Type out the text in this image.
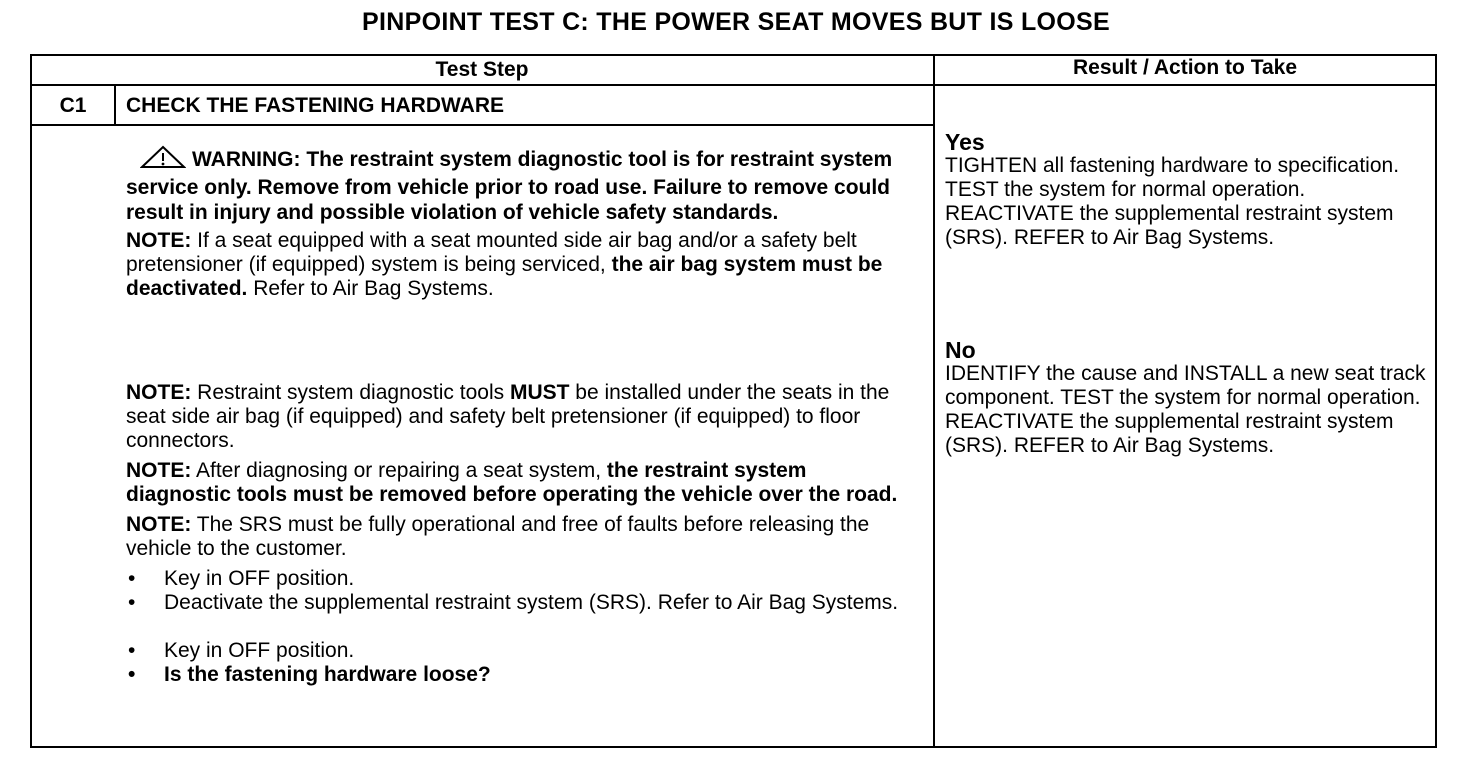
PINPOINT TEST C: THE POWER SEAT MOVES BUT IS LOOSE
Test Step	Result / Action to Take
C1	CHECK THE FASTENING HARDWARE

WARNING: The restraint system diagnostic tool is for restraint system service only. Remove from vehicle prior to road use. Failure to remove could result in injury and possible violation of vehicle safety standards.

NOTE: If a seat equipped with a seat mounted side air bag and/or a safety belt pretensioner (if equipped) system is being serviced, the air bag system must be deactivated. Refer to Air Bag Systems.

NOTE: Restraint system diagnostic tools MUST be installed under the seats in the seat side air bag (if equipped) and safety belt pretensioner (if equipped) to floor connectors.

NOTE: After diagnosing or repairing a seat system, the restraint system diagnostic tools must be removed before operating the vehicle over the road.

NOTE: The SRS must be fully operational and free of faults before releasing the vehicle to the customer.

• Key in OFF position.

• Deactivate the supplemental restraint system (SRS). Refer to Air Bag Systems.

• Key in OFF position.

• Is the fastening hardware loose?

Yes

TIGHTEN all fastening hardware to specification. TEST the system for normal operation. REACTIVATE the supplemental restraint system (SRS). REFER to Air Bag Systems.

No

IDENTIFY the cause and INSTALL a new seat track component. TEST the system for normal operation. REACTIVATE the supplemental restraint system (SRS). REFER to Air Bag Systems.
